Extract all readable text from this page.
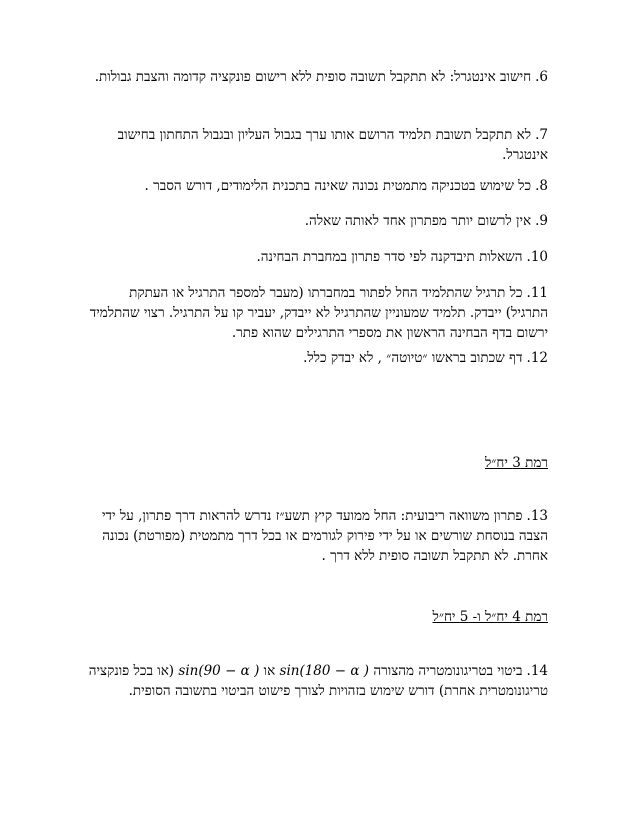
6.חישוב אינטגרל: לא תתקבל תשובה סופית ללא רישום פונקציה קדומה והצבת גבולות.
7.לא תתקבל תשובת תלמיד הרושם אותו ערך בגבול העליון ובגבול התחתון בחישוב אינטגרל.
8.כל שימוש בטכניקה מתמטית נכונה שאינה בתכנית הלימודים, דורש הסבר .
9.אין לרשום יותר מפתרון אחד לאותה שאלה.
10.השאלות תיבדקנה לפי סדר פתרון במחברת הבחינה.
11.כל תרגיל שהתלמיד החל לפתור במחברתו (מעבר למספר התרגיל או העתקת התרגיל) ייבדק. תלמיד שמעוניין שהתרגיל לא ייבדק, יעביר קו על התרגיל. רצוי שהתלמיד ירשום בדף הבחינה הראשון את מספרי התרגילים שהוא פתר.
12.דף שכתוב בראשו ״טיוטה״ , לא יבדק כלל.
רמת 3 יח״ל
13.פתרון משוואה ריבועית: החל ממועד קיץ תשע״ז נדרש להראות דרך פתרון, על ידי הצבה בנוסחת שורשים או על ידי פירוק לגורמים או בכל דרך מתמטית (מפורטת) נכונה אחרת. לא תתקבל תשובה סופית ללא דרך .
רמת 4 יח״ל ו- 5 יח״ל
14.ביטוי בטריגונומטריה מהצורה sin(180 − α ) או sin(90 − α ) (או בכל פונקציה טריגונומטרית אחרת) דורש שימוש בזהויות לצורך פישוט הביטוי בתשובה הסופית.
